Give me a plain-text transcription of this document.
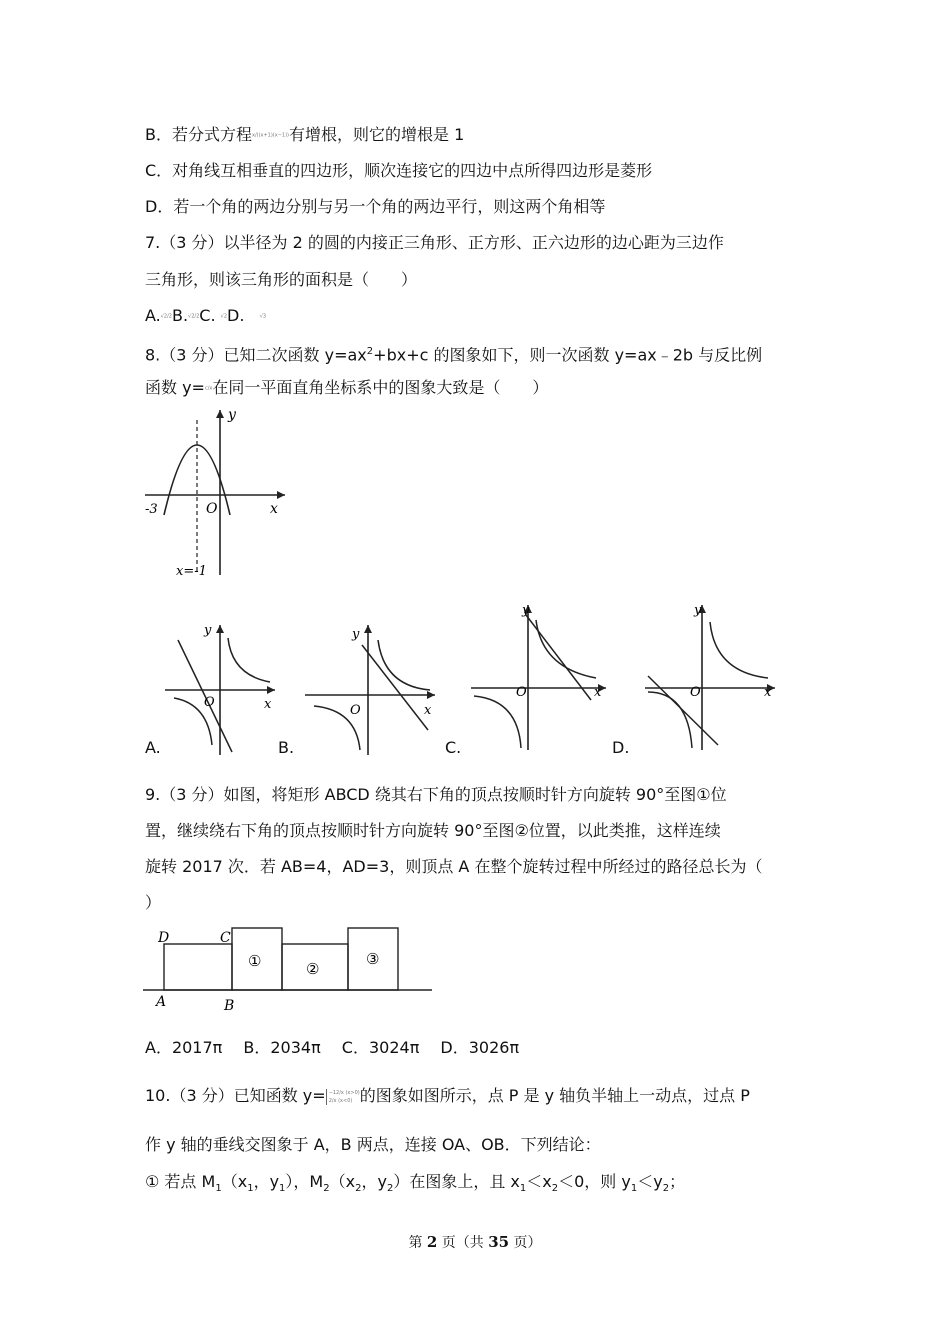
B．若分式方程x/((x+1)(x−1))有增根，则它的增根是 1
C．对角线互相垂直的四边形，顺次连接它的四边中点所得四边形是菱形
D．若一个角的两边分别与另一个角的两边平行，则这两个角相等
7.（3 分）以半径为 2 的圆的内接正三角形、正方形、正六边形的边心距为三边作
三角形，则该三角形的面积是（　　）
A.√2/2B.√2/2C. √2D.	√3
8.（3 分）已知二次函数 $y=ax^2+bx+c$ 的图象如下，则一次函数 y=ax﹣2b 与反比例
函数 y=c/x在同一平面直角坐标系中的图象大致是（　　）
y
x
O
-3
x=-1
y
x
O
y
x
O
y
x
O
y
x
O
A.	B.	C.	D.
9.（3 分）如图，将矩形 ABCD 绕其右下角的顶点按顺时针方向旋转 90°至图①位
置，继续绕右下角的顶点按顺时针方向旋转 90°至图②位置，以此类推，这样连续
旋转 2017 次．若 AB=4，AD=3，则顶点 A 在整个旋转过程中所经过的路径总长为（
）
D	C
A	B
①	②
③
A．2017π　 B．2034π　 C．3024π　 D．3026π
10.（3 分）已知函数 y= −12/x (x>0)
2/x (x<0) 的图象如图所示，点 P 是 y 轴负半轴上一动点，过点 P
作 y 轴的垂线交图象于 A，B 两点，连接 OA、OB．下列结论：
① 若点 $M_1(x_1$，$y_1$），$M_2(x_2$，$y_2$）在图象上，且 $x_1<x_2<0$，则 $y_1<y_2$；
第 2 页（共 35 页）
